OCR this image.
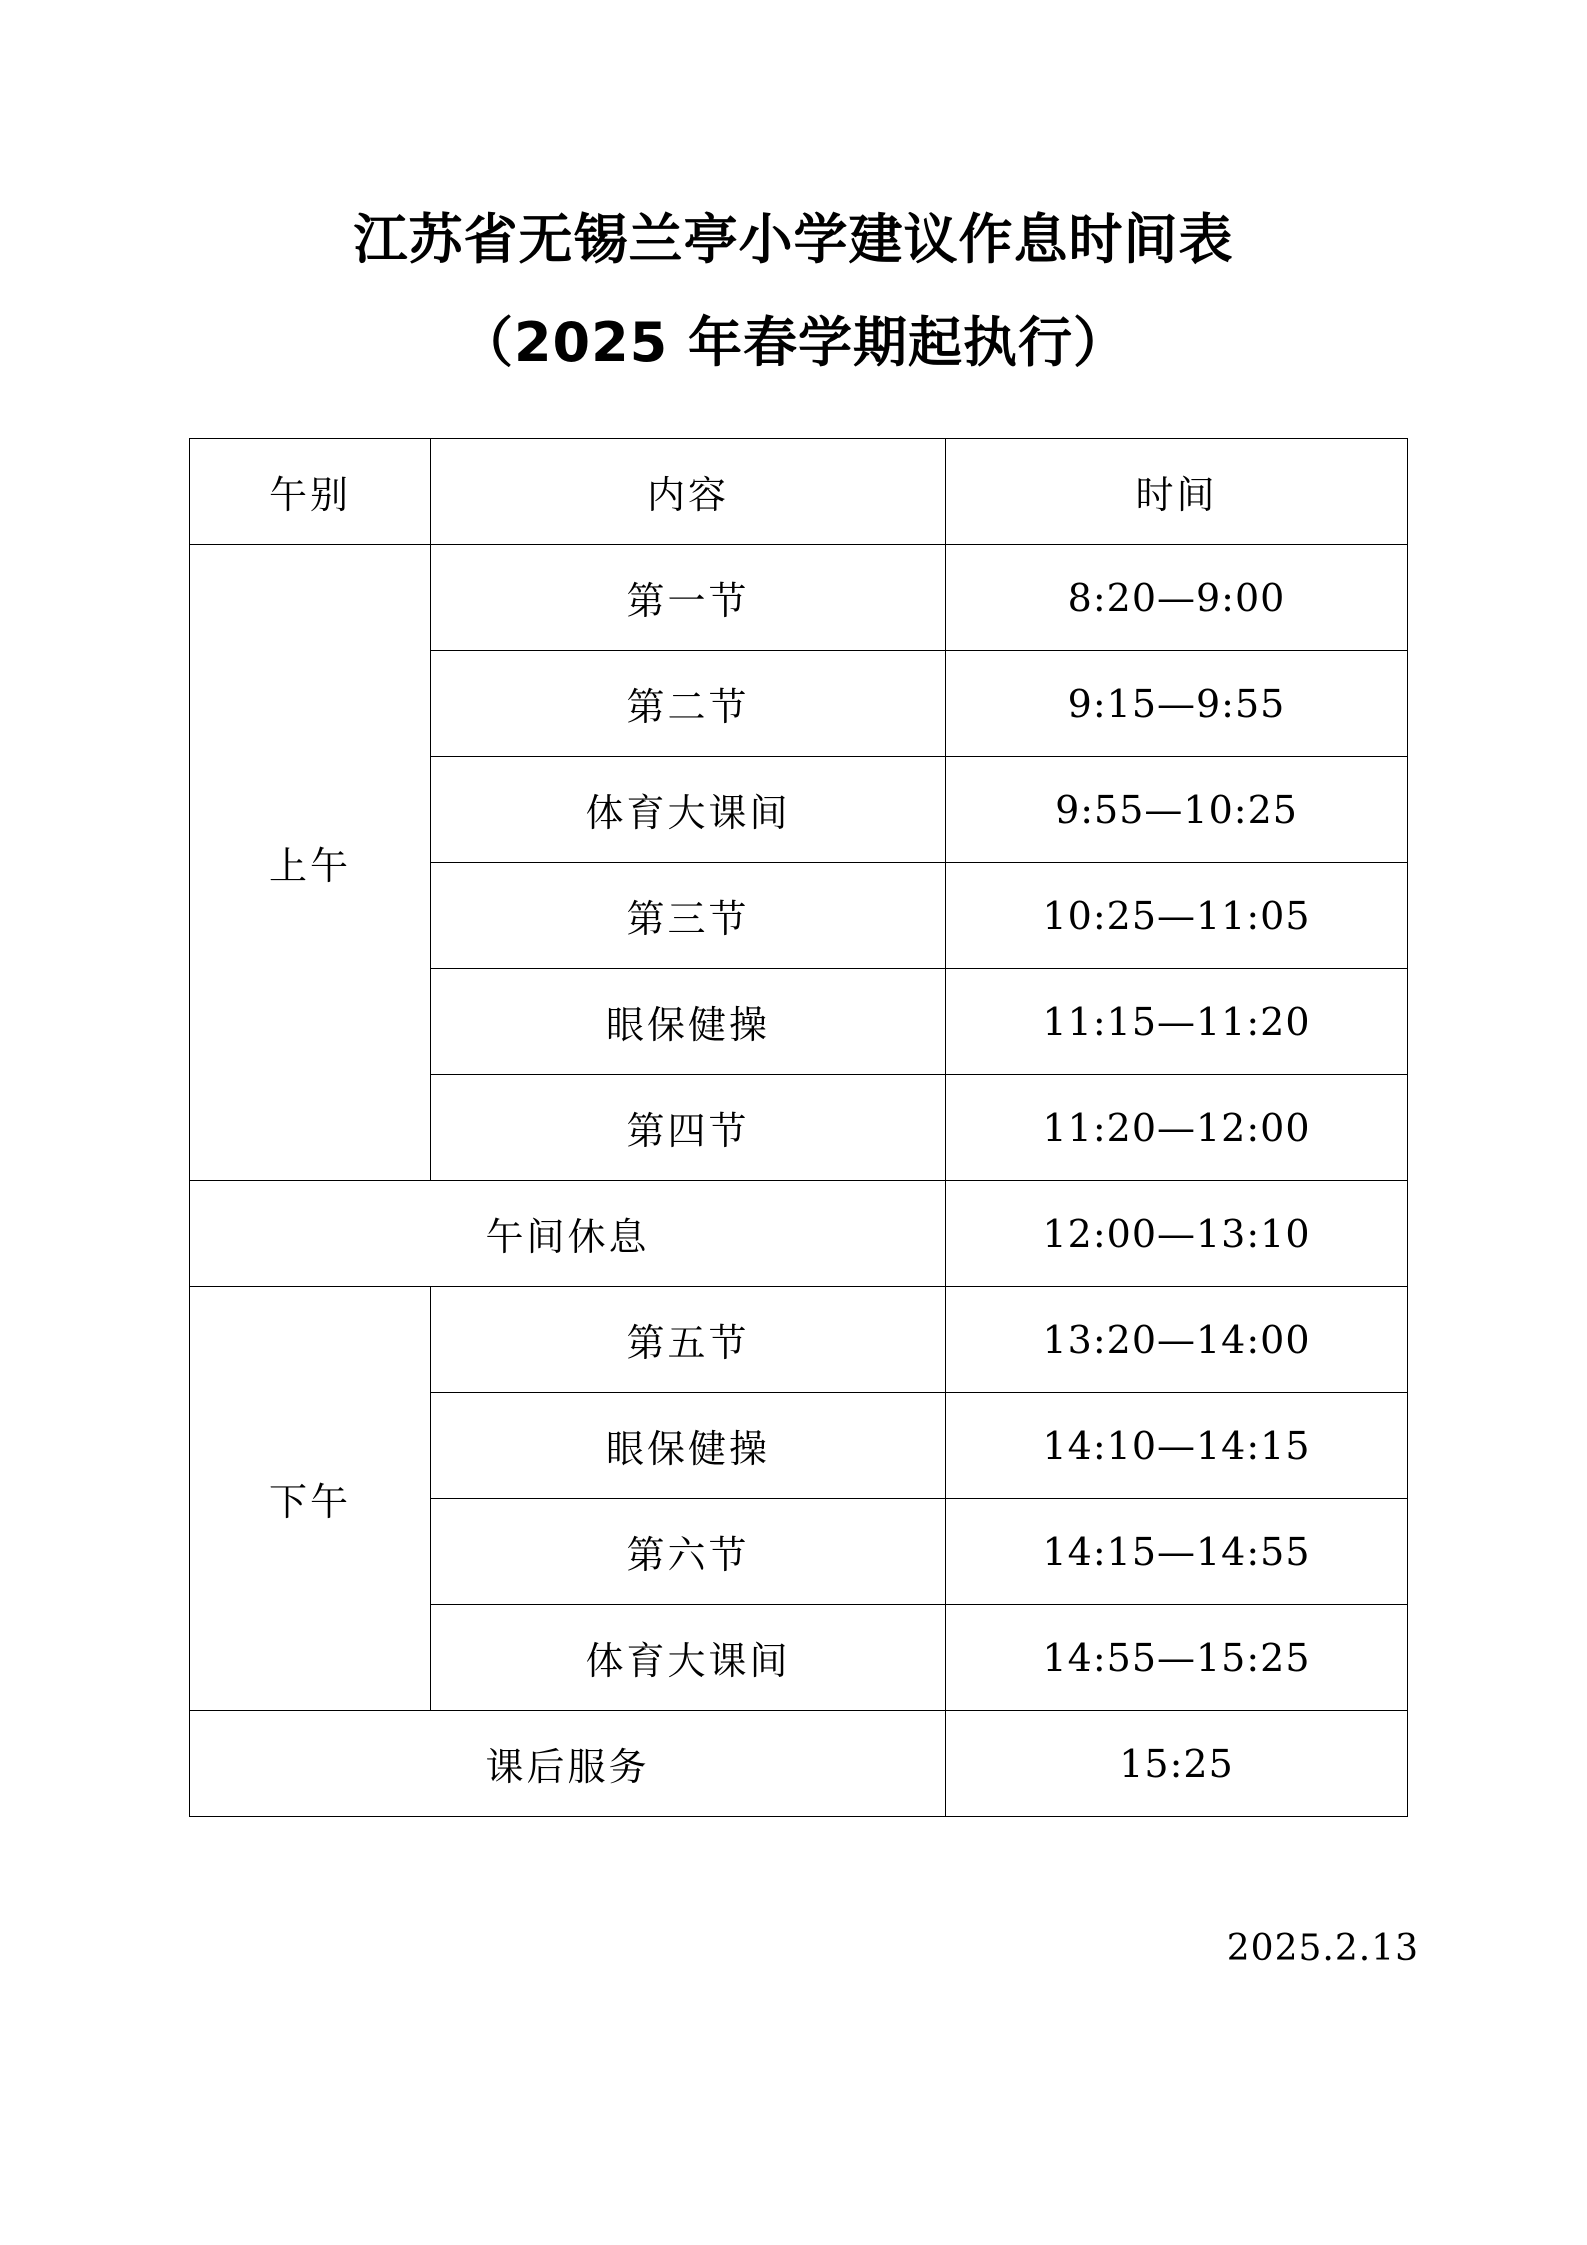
江苏省无锡兰亭小学建议作息时间表
（2025 年春学期起执行）
午别	内容	时间
上午	第一节	8:20—9:00
	第二节	9:15—9:55
	体育大课间	9:55—10:25
	第三节	10:25—11:05
	眼保健操	11:15—11:20
	第四节	11:20—12:00
午间休息		12:00—13:10
下午	第五节	13:20—14:00
	眼保健操	14:10—14:15
	第六节	14:15—14:55
	体育大课间	14:55—15:25
课后服务		15:25
2025.2.13
